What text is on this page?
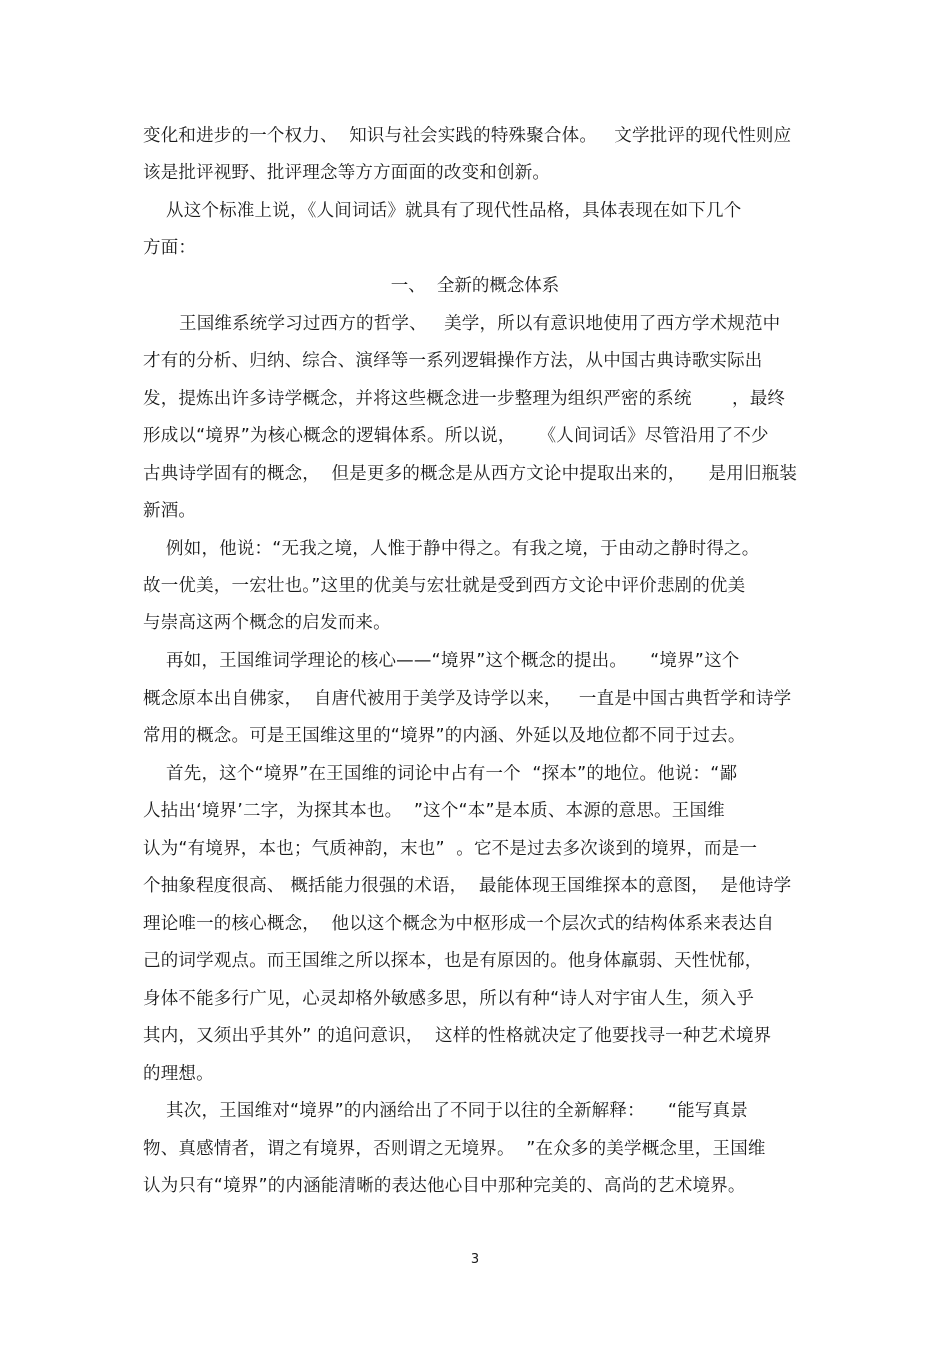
变化和进步的一个权力、  知识与社会实践的特殊聚合体。   文学批评的现代性则应
该是批评视野、批评理念等方方面面的改变和创新。
从这个标准上说，《人间词话》就具有了现代性品格，具体表现在如下几个
方面：
一、  全新的概念体系
王国维系统学习过西方的哲学、   美学，所以有意识地使用了西方学术规范中
才有的分析、归纳、综合、演绎等一系列逻辑操作方法，从中国古典诗歌实际出
发，提炼出许多诗学概念，并将这些概念进一步整理为组织严密的系统       ，最终
形成以“境界”为核心概念的逻辑体系。所以说，    《人间词话》尽管沿用了不少
古典诗学固有的概念，  但是更多的概念是从西方文论中提取出来的，    是用旧瓶装
新酒。
例如，他说：“无我之境，人惟于静中得之。有我之境，于由动之静时得之。
故一优美，一宏壮也。”这里的优美与宏壮就是受到西方文论中评价悲剧的优美
与崇高这两个概念的启发而来。
再如，王国维词学理论的核心——“境界”这个概念的提出。    “境界”这个
概念原本出自佛家，  自唐代被用于美学及诗学以来，   一直是中国古典哲学和诗学
常用的概念。可是王国维这里的“境界”的内涵、外延以及地位都不同于过去。
首先，这个“境界”在王国维的词论中占有一个  “探本”的地位。他说：“鄙
人拈出‘境界’二字，为探其本也。  ”这个“本”是本质、本源的意思。王国维
认为“有境界，本也；气质神韵，末也”  。它不是过去多次谈到的境界，而是一
个抽象程度很高、 概括能力很强的术语，  最能体现王国维探本的意图，  是他诗学
理论唯一的核心概念，  他以这个概念为中枢形成一个层次式的结构体系来表达自
己的词学观点。而王国维之所以探本，也是有原因的。他身体羸弱、天性忧郁，
身体不能多行广见，心灵却格外敏感多思，所以有种“诗人对宇宙人生，须入乎
其内，又须出乎其外” 的追问意识，  这样的性格就决定了他要找寻一种艺术境界
的理想。
其次，王国维对“境界”的内涵给出了不同于以往的全新解释：    “能写真景
物、真感情者，谓之有境界，否则谓之无境界。  ”在众多的美学概念里，王国维
认为只有“境界”的内涵能清晰的表达他心目中那种完美的、高尚的艺术境界。
3
